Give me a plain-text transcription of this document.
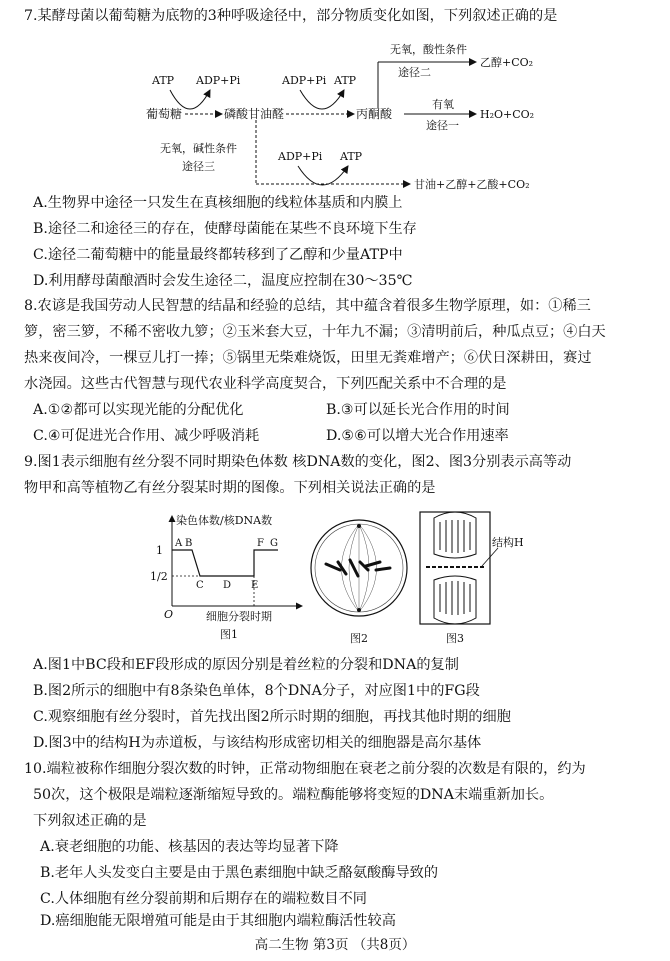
7.某酵母菌以葡萄糖为底物的3种呼吸途径中，部分物质变化如图，下列叙述正确的是
葡萄糖	磷酸甘油醛	丙酮酸
ATP ADP+Pi	ADP+Pi ATP
无氧，酸性条件
途径二
乙醇+CO₂
有氧
途径一
H₂O+CO₂
无氧，碱性条件
途径三
ADP+Pi ATP
甘油+乙醇+乙酸+CO₂
A.生物界中途径一只发生在真核细胞的线粒体基质和内膜上
B.途径二和途径三的存在，使酵母菌能在某些不良环境下生存
C.途径二葡萄糖中的能量最终都转移到了乙醇和少量ATP中
D.利用酵母菌酿酒时会发生途径二，温度应控制在30～35℃
8.农谚是我国劳动人民智慧的结晶和经验的总结，其中蕴含着很多生物学原理，如：①稀三
箩，密三箩，不稀不密收九箩；②玉米套大豆，十年九不漏；③清明前后，种瓜点豆；④白天
热来夜间冷，一棵豆儿打一捧；⑤锅里无柴难烧饭，田里无粪难增产；⑥伏日深耕田，赛过
水浇园。这些古代智慧与现代农业科学高度契合，下列匹配关系中不合理的是
A.①②都可以实现光能的分配优化	B.③可以延长光合作用的时间
C.④可促进光合作用、减少呼吸消耗	D.⑤⑥可以增大光合作用速率
9.图1表示细胞有丝分裂不同时期染色体数 核DNA数的变化，图2、图3分别表示高等动
物甲和高等植物乙有丝分裂某时期的图像。下列相关说法正确的是
染色体数/核DNA数
1
1/2
O	细胞分裂时期
A B
C D E
F G
图1	图2
结构H
图3
A.图1中BC段和EF段形成的原因分别是着丝粒的分裂和DNA的复制
B.图2所示的细胞中有8条染色单体，8个DNA分子，对应图1中的FG段
C.观察细胞有丝分裂时，首先找出图2所示时期的细胞，再找其他时期的细胞
D.图3中的结构H为赤道板，与该结构形成密切相关的细胞器是高尔基体
10.端粒被称作细胞分裂次数的时钟，正常动物细胞在衰老之前分裂的次数是有限的，约为
50次，这个极限是端粒逐渐缩短导致的。端粒酶能够将变短的DNA末端重新加长。
下列叙述正确的是
A.衰老细胞的功能、核基因的表达等均显著下降
B.老年人头发变白主要是由于黑色素细胞中缺乏酪氨酸酶导致的
C.人体细胞有丝分裂前期和后期存在的端粒数目不同
D.癌细胞能无限增殖可能是由于其细胞内端粒酶活性较高
高二生物 第3页 （共8页）
